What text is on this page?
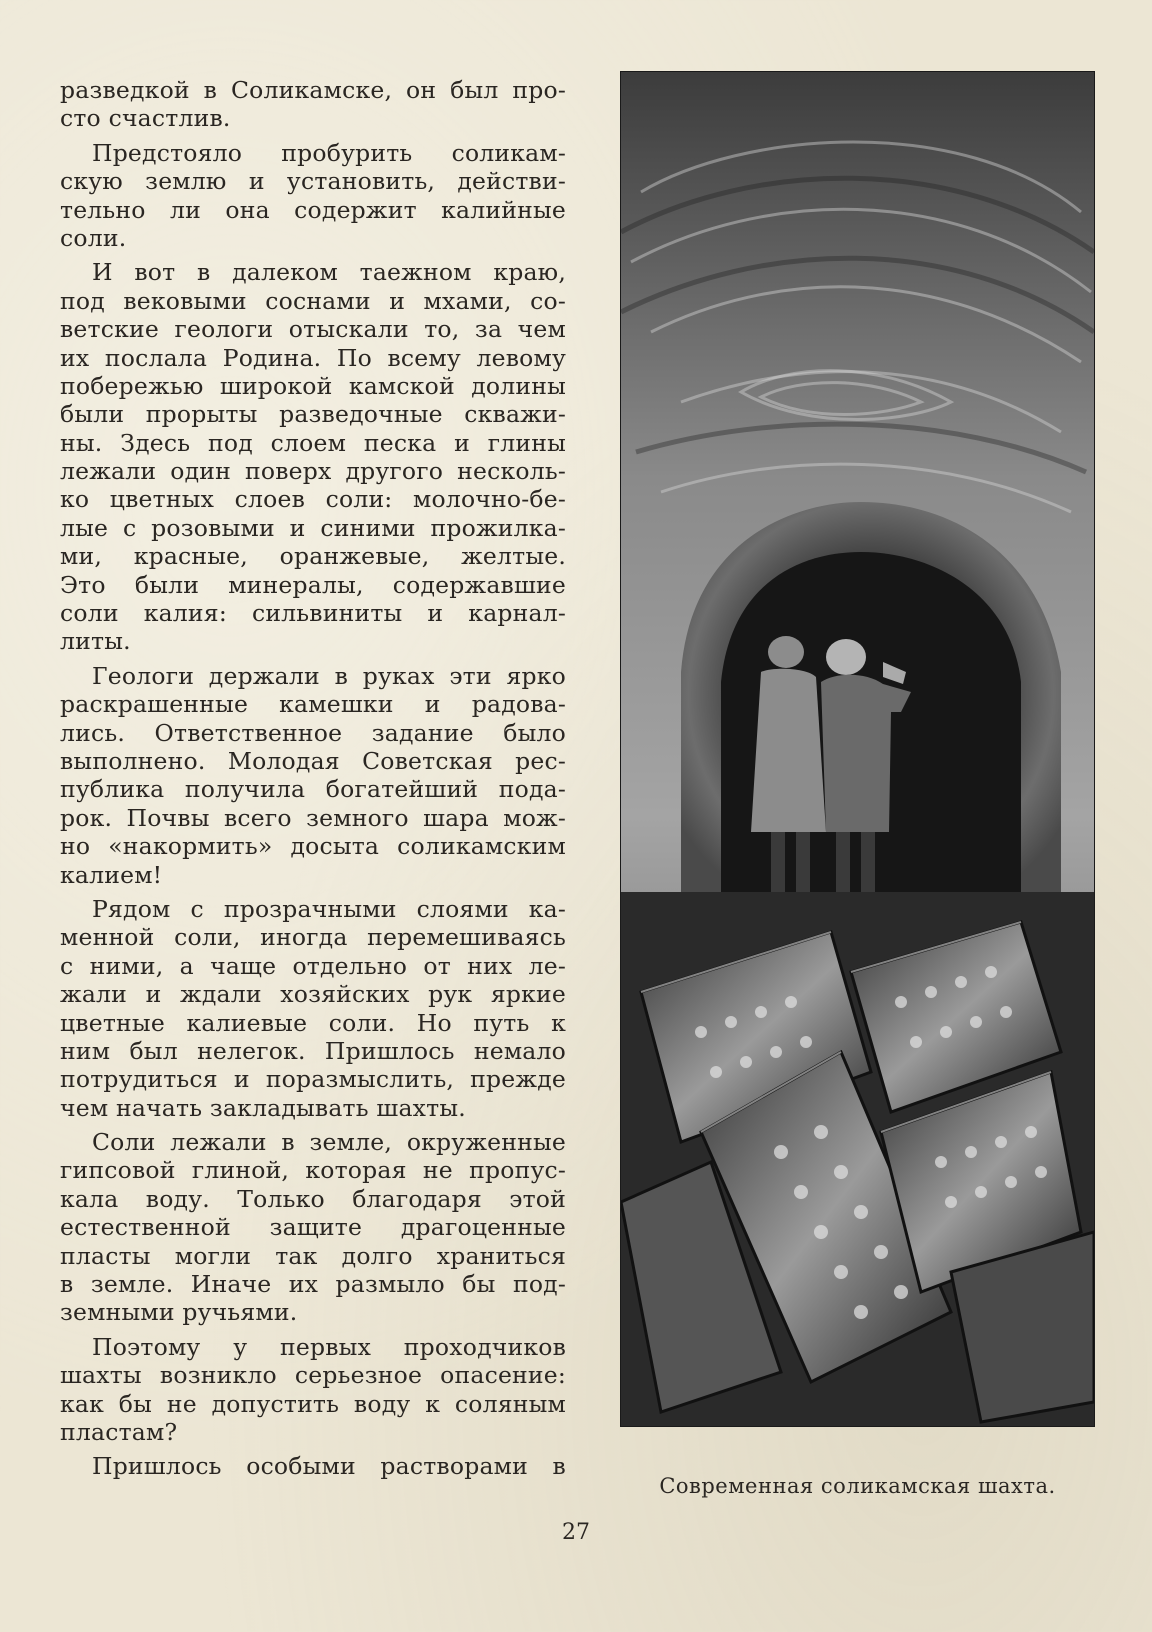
разведкой в Соликамске, он был про-
сто счастлив.
Предстояло пробурить соликам-
скую землю и установить, действи-
тельно ли она содержит калийные
соли.
И вот в далеком таежном краю,
под вековыми соснами и мхами, со-
ветские геологи отыскали то, за чем
их послала Родина. По всему левому
побережью широкой камской долины
были прорыты разведочные скважи-
ны. Здесь под слоем песка и глины
лежали один поверх другого несколь-
ко цветных слоев соли: молочно-бе-
лые с розовыми и синими прожилка-
ми, красные, оранжевые, желтые.
Это были минералы, содержавшие
соли калия: сильвиниты и карнал-
литы.
Геологи держали в руках эти ярко
раскрашенные камешки и радова-
лись. Ответственное задание было
выполнено. Молодая Советская рес-
публика получила богатейший пода-
рок. Почвы всего земного шара мож-
но «накормить» досыта соликамским
калием!
Рядом с прозрачными слоями ка-
менной соли, иногда перемешиваясь
с ними, а чаще отдельно от них ле-
жали и ждали хозяйских рук яркие
цветные калиевые соли. Но путь к
ним был нелегок. Пришлось немало
потрудиться и поразмыслить, прежде
чем начать закладывать шахты.
Соли лежали в земле, окруженные
гипсовой глиной, которая не пропус-
кала воду. Только благодаря этой
естественной защите драгоценные
пласты могли так долго храниться
в земле. Иначе их размыло бы под-
земными ручьями.
Поэтому у первых проходчиков
шахты возникло серьезное опасение:
как бы не допустить воду к соляным
пластам?
Пришлось особыми растворами в
Современная соликамская шахта.
27
